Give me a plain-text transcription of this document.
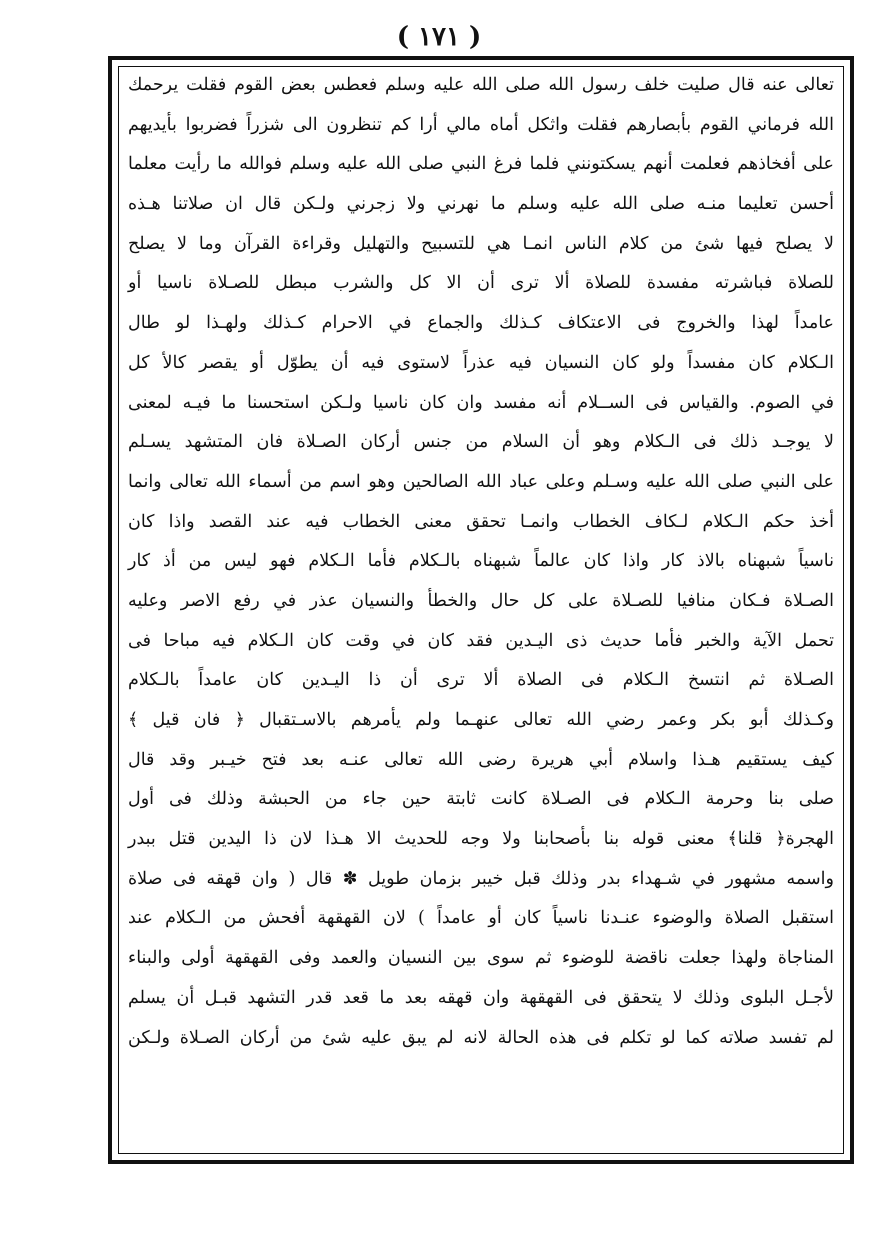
( ١٧١ )
تعالى عنه قال صليت خلف رسول الله صلى الله عليه وسلم فعطس بعض القوم فقلت يرحمك
الله فرماني القوم بأبصارهم فقلت واثكل أماه مالي أرا كم تنظرون الى شزراً فضربوا بأيديهم
على أفخاذهم فعلمت أنهم يسكتونني فلما فرغ النبي صلى الله عليه وسلم فوالله ما رأيت معلما
أحسن تعليما منـه صلى الله عليه وسلم ما نهرني ولا زجرني ولـكن قال ان صلاتنا هـذه
لا يصلح فيها شئ من كلام الناس انمـا هي للتسبيح والتهليل وقراءة القرآن وما لا يصلح
للصلاة فباشرته مفسدة للصلاة ألا ترى أن الا كل والشرب مبطل للصـلاة ناسيا أو
عامداً لهذا والخروج فى الاعتكاف كـذلك والجماع في الاحرام كـذلك ولهـذا لو طال
الـكلام كان مفسداً ولو كان النسيان فيه عذراً لاستوى فيه أن يطوّل أو يقصر كالأ كل
في الصوم. والقياس فى الســلام أنه مفسد وان كان ناسيا ولـكن استحسنا ما فيـه لمعنى
لا يوجـد ذلك فى الـكلام وهو أن السلام من جنس أركان الصـلاة فان المتشهد يسـلم
على النبي صلى الله عليه وسـلم وعلى عباد الله الصالحين وهو اسم من أسماء الله تعالى وانما
أخذ حكم الـكلام لـكاف الخطاب وانمـا تحقق معنى الخطاب فيه عند القصد واذا كان
ناسياً شبهناه بالاذ كار واذا كان عالماً شبهناه بالـكلام فأما الـكلام فهو ليس من أذ كار
الصـلاة فـكان منافيا للصـلاة على كل حال والخطأ والنسيان عذر في رفع الاصر وعليه
تحمل الآية والخبر فأما حديث ذى اليـدين فقد كان في وقت كان الـكلام فيه مباحا فى
الصـلاة ثم انتسخ الـكلام فى الصلاة ألا ترى أن ذا اليـدين كان عامداً بالـكلام
وكـذلك أبو بكر وعمر رضي الله تعالى عنهـما ولم يأمرهم بالاسـتقبال ﴿ فان قيل ﴾
كيف يستقيم هـذا واسلام أبي هريرة رضى الله تعالى عنـه بعد فتح خيـبر وقد قال
صلى بنا وحرمة الـكلام فى الصـلاة كانت ثابتة حين جاء من الحبشة وذلك فى أول
الهجرة﴿ قلنا﴾ معنى قوله بنا بأصحابنا ولا وجه للحديث الا هـذا لان ذا اليدين قتل ببدر
واسمه مشهور في شـهداء بدر وذلك قبل خيبر بزمان طويل ✽ قال ( وان قهقه فى صلاة
استقبل الصلاة والوضوء عنـدنا ناسياً كان أو عامداً ) لان القهقهة أفحش من الـكلام عند
المناجاة ولهذا جعلت ناقضة للوضوء ثم سوى بين النسيان والعمد وفى القهقهة أولى والبناء
لأجـل البلوى وذلك لا يتحقق فى القهقهة وان قهقه بعد ما قعد قدر التشهد قبـل أن يسلم
لم تفسد صلاته كما لو تكلم فى هذه الحالة لانه لم يبق عليه شئ من أركان الصـلاة ولـكن
